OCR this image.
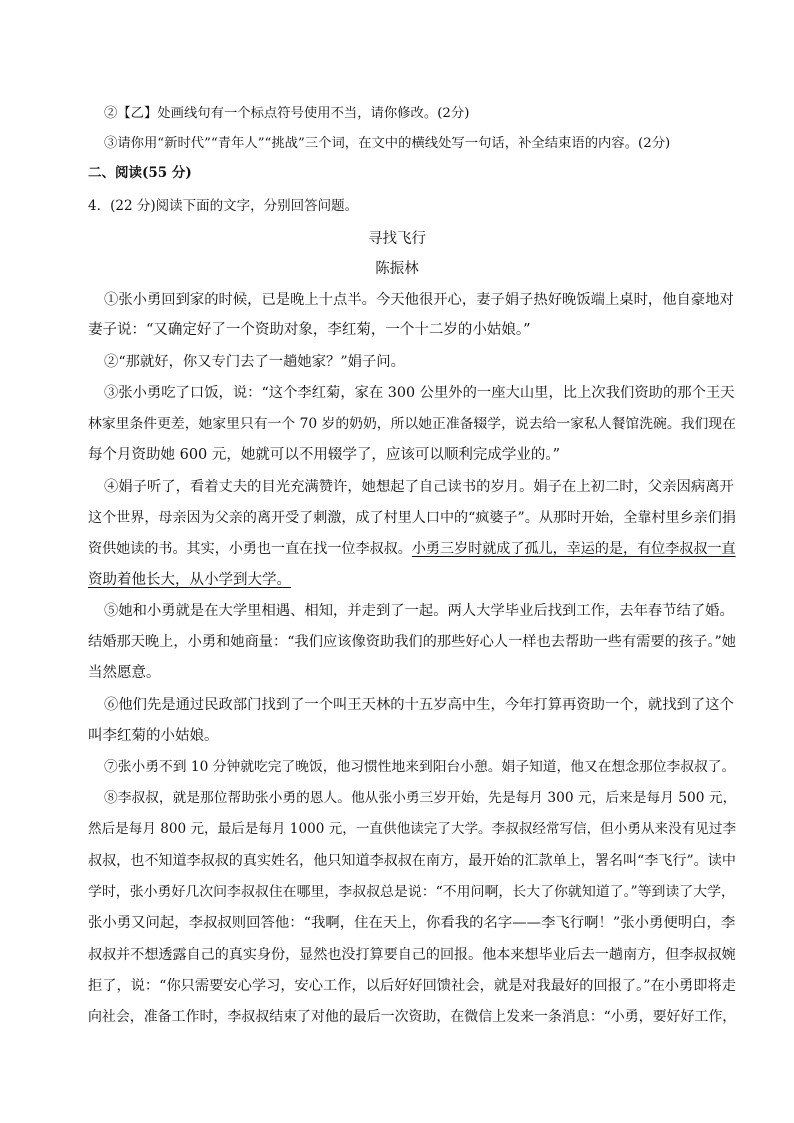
②【乙】处画线句有一个标点符号使用不当，请你修改。(2分)
③请你用“新时代”“青年人”“挑战”三个词，在文中的横线处写一句话，补全结束语的内容。(2分)
二、阅读(55 分)
4．(22 分)阅读下面的文字，分别回答问题。
寻找飞行
陈振林
①张小勇回到家的时候，已是晚上十点半。今天他很开心，妻子娟子热好晚饭端上桌时，他自豪地对
妻子说：“又确定好了一个资助对象，李红菊，一个十二岁的小姑娘。”
②“那就好，你又专门去了一趟她家？”娟子问。
③张小勇吃了口饭，说：“这个李红菊，家在 300 公里外的一座大山里，比上次我们资助的那个王天
林家里条件更差，她家里只有一个 70 岁的奶奶，所以她正准备辍学，说去给一家私人餐馆洗碗。我们现在
每个月资助她 600 元，她就可以不用辍学了，应该可以顺利完成学业的。”
④娟子听了，看着丈夫的目光充满赞许，她想起了自己读书的岁月。娟子在上初二时，父亲因病离开
这个世界，母亲因为父亲的离开受了刺激，成了村里人口中的“疯婆子”。从那时开始，全靠村里乡亲们捐
资供她读的书。其实，小勇也一直在找一位李叔叔。小勇三岁时就成了孤儿，幸运的是，有位李叔叔一直
资助着他长大，从小学到大学。
⑤她和小勇就是在大学里相遇、相知，并走到了一起。两人大学毕业后找到工作，去年春节结了婚。
结婚那天晚上，小勇和她商量：“我们应该像资助我们的那些好心人一样也去帮助一些有需要的孩子。”她
当然愿意。
⑥他们先是通过民政部门找到了一个叫王天林的十五岁高中生，今年打算再资助一个，就找到了这个
叫李红菊的小姑娘。
⑦张小勇不到 10 分钟就吃完了晚饭，他习惯性地来到阳台小憩。娟子知道，他又在想念那位李叔叔了。
⑧李叔叔，就是那位帮助张小勇的恩人。他从张小勇三岁开始，先是每月 300 元，后来是每月 500 元，
然后是每月 800 元，最后是每月 1000 元，一直供他读完了大学。李叔叔经常写信，但小勇从来没有见过李
叔叔，也不知道李叔叔的真实姓名，他只知道李叔叔在南方，最开始的汇款单上，署名叫“李飞行”。读中
学时，张小勇好几次问李叔叔住在哪里，李叔叔总是说：“不用问啊，长大了你就知道了。”等到读了大学，
张小勇又问起，李叔叔则回答他：“我啊，住在天上，你看我的名字——李飞行啊！”张小勇便明白，李
叔叔并不想透露自己的真实身份，显然也没打算要自己的回报。他本来想毕业后去一趟南方，但李叔叔婉
拒了，说：“你只需要安心学习，安心工作，以后好好回馈社会，就是对我最好的回报了。”在小勇即将走
向社会，准备工作时，李叔叔结束了对他的最后一次资助，在微信上发来一条消息：“小勇，要好好工作，
